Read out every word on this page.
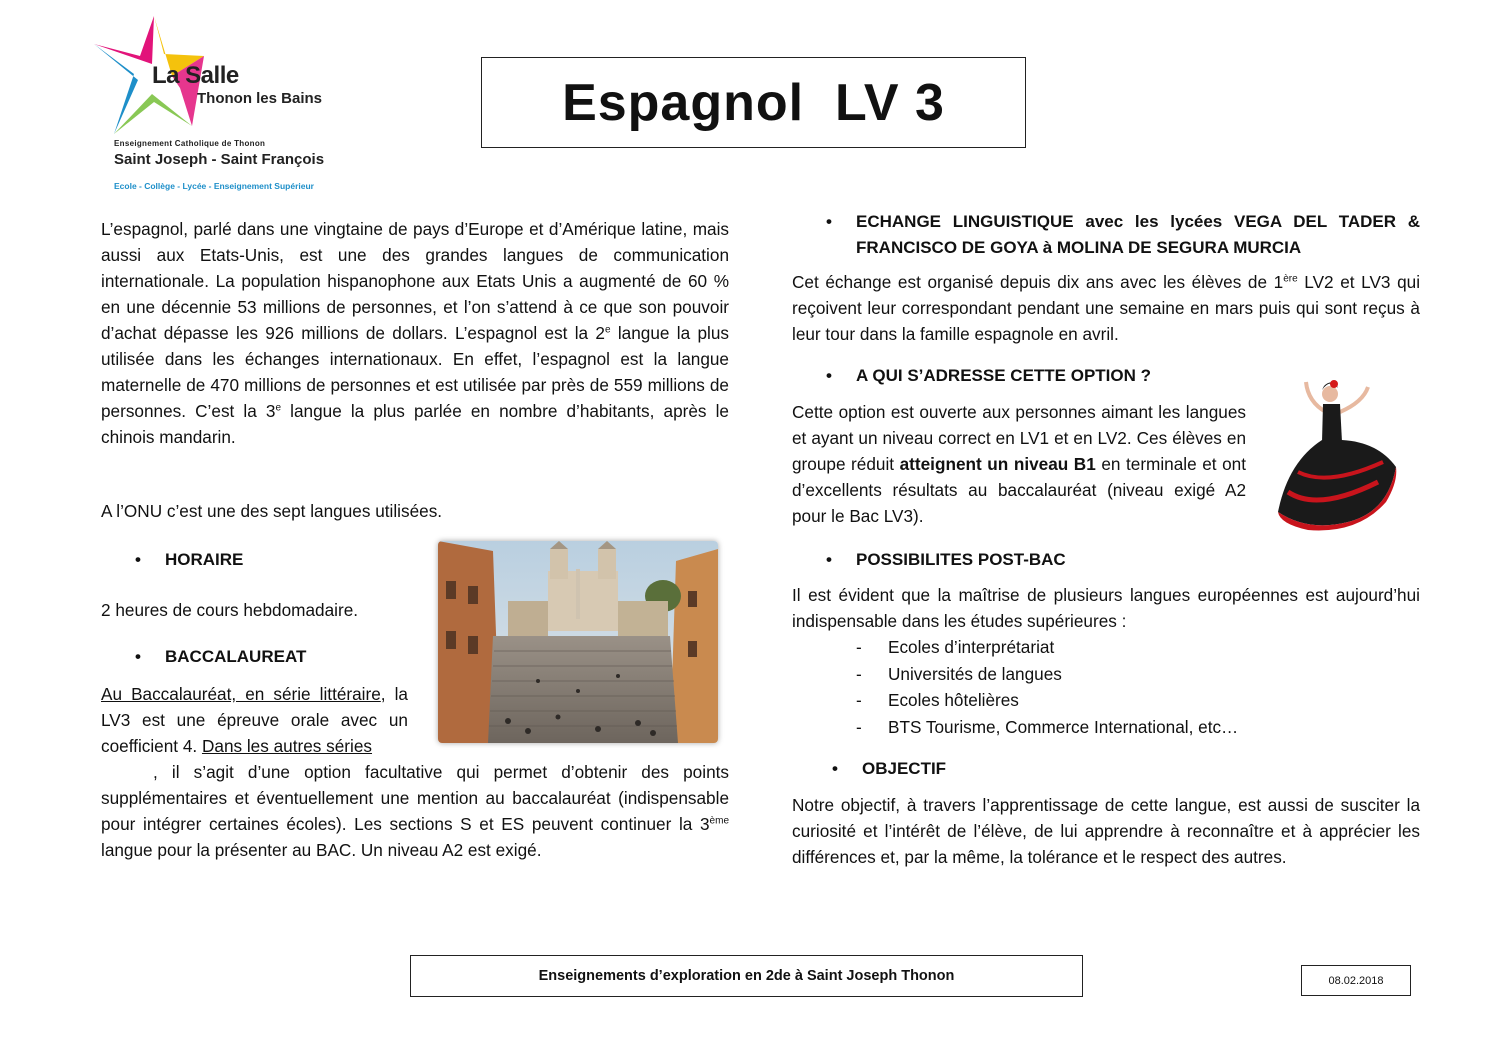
La Salle
Thonon les Bains
Enseignement Catholique de Thonon
Saint Joseph - Saint François
Ecole - Collège - Lycée - Enseignement Supérieur
Espagnol  LV 3
L’espagnol, parlé dans une vingtaine de pays d’Europe et d’Amérique latine, mais aussi aux Etats-Unis, est une des grandes langues de communication internationale. La population hispanophone aux Etats Unis a augmenté de 60 % en une décennie 53 millions de personnes, et l’on s’attend à ce que son pouvoir d’achat dépasse les 926 millions de dollars. L’espagnol est la 2e langue la plus utilisée dans les échanges internationaux. En effet, l’espagnol est la langue maternelle de 470 millions de personnes et est utilisée par près de 559 millions de personnes. C’est la 3e langue la plus parlée en nombre d’habitants, après le chinois mandarin.
A l’ONU c’est une des sept langues utilisées.
•	HORAIRE
2 heures de cours hebdomadaire.
•	BACCALAUREAT
Au Baccalauréat, en série littéraire, la LV3 est une épreuve orale avec un coefficient 4. Dans les autres séries
, il s’agit d’une option facultative qui permet d’obtenir des points supplémentaires et éventuellement une mention au baccalauréat (indispensable pour intégrer certaines écoles). Les sections S et ES peuvent continuer la 3ème langue pour la présenter au BAC. Un niveau A2 est exigé.
•	ECHANGE LINGUISTIQUE avec les lycées VEGA DEL TADER & FRANCISCO DE GOYA à MOLINA DE SEGURA MURCIA
Cet échange est organisé depuis dix ans avec les élèves de 1ère LV2 et LV3 qui reçoivent leur correspondant pendant une semaine en mars puis qui sont reçus à leur tour dans la famille espagnole en avril.
•	A QUI S’ADRESSE CETTE OPTION ?
Cette option est ouverte aux personnes aimant les langues et ayant un niveau correct en LV1 et en LV2. Ces élèves en groupe réduit atteignent un niveau B1 en terminale et ont d’excellents résultats au baccalauréat (niveau exigé A2 pour le Bac LV3).
•	POSSIBILITES POST-BAC
Il est évident que la maîtrise de plusieurs langues européennes est aujourd’hui indispensable dans les études supérieures :
-	Ecoles d’interprétariat
-	Universités de langues
-	Ecoles hôtelières
-	BTS Tourisme, Commerce International, etc…
•	OBJECTIF
Notre objectif, à travers l’apprentissage de cette langue, est aussi de susciter la curiosité et l’intérêt de l’élève, de lui apprendre à reconnaître et à apprécier les différences et, par la même, la tolérance et le respect des autres.
Enseignements d’exploration en 2de à Saint Joseph Thonon	08.02.2018
